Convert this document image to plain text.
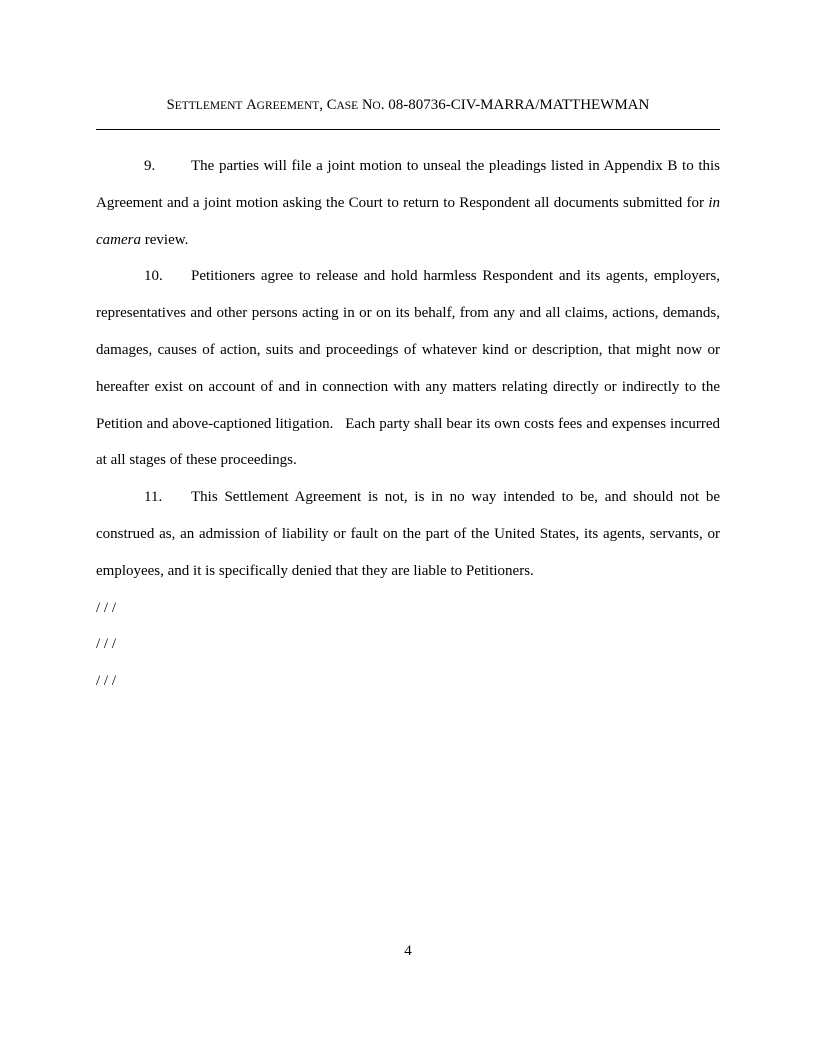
SETTLEMENT AGREEMENT, CASE NO. 08-80736-CIV-MARRA/MATTHEWMAN

9. The parties will file a joint motion to unseal the pleadings listed in Appendix B to this Agreement and a joint motion asking the Court to return to Respondent all documents submitted for in camera review.

10. Petitioners agree to release and hold harmless Respondent and its agents, employers, representatives and other persons acting in or on its behalf, from any and all claims, actions, demands, damages, causes of action, suits and proceedings of whatever kind or description, that might now or hereafter exist on account of and in connection with any matters relating directly or indirectly to the Petition and above-captioned litigation.   Each party shall bear its own costs fees and expenses incurred at all stages of these proceedings.

11. This Settlement Agreement is not, is in no way intended to be, and should not be construed as, an admission of liability or fault on the part of the United States, its agents, servants, or employees, and it is specifically denied that they are liable to Petitioners.

/ / /

/ / /

/ / /

4
